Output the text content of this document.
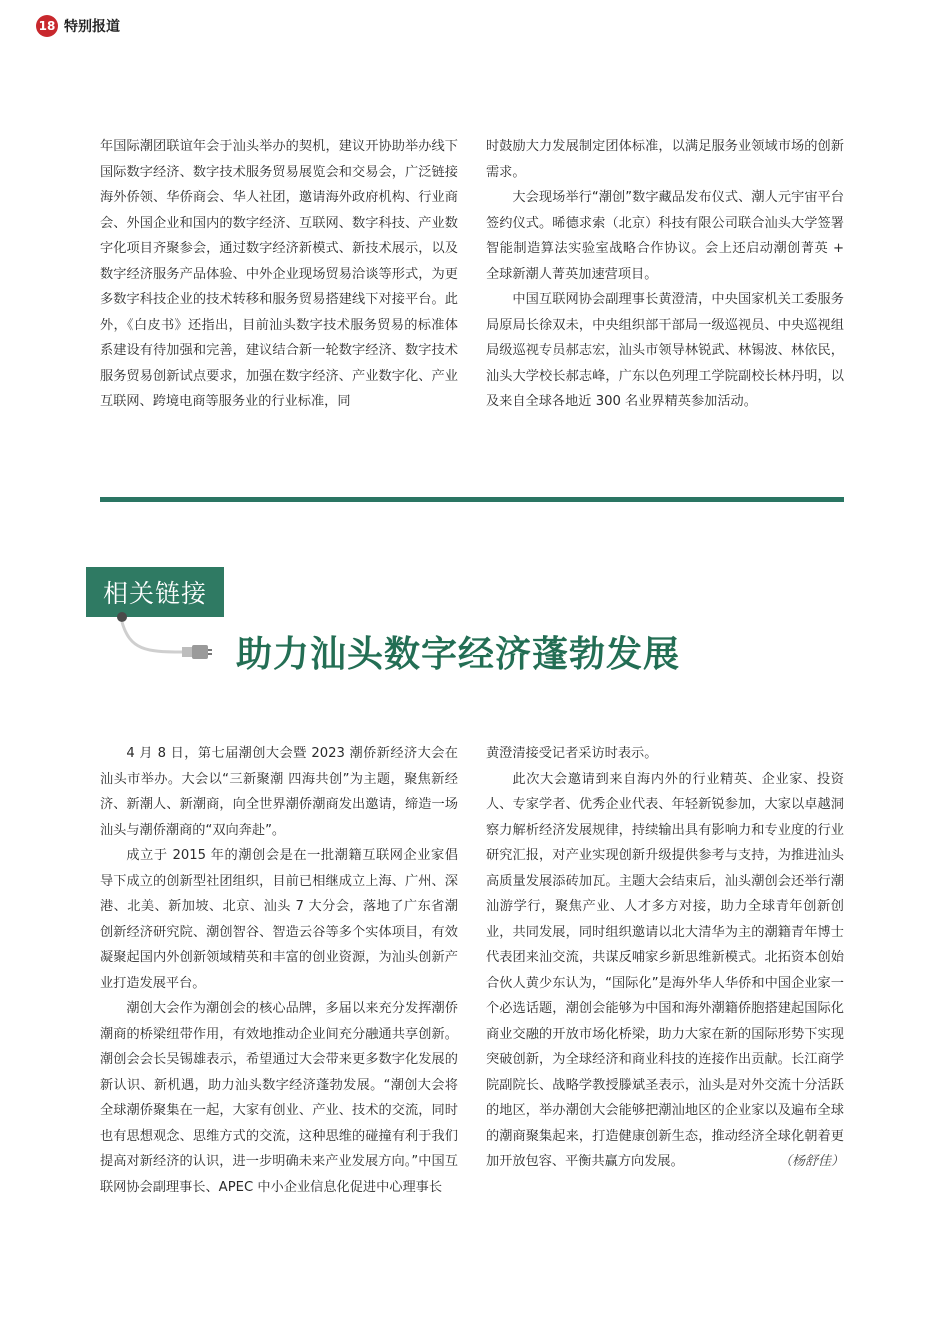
18 特别报道

年国际潮团联谊年会于汕头举办的契机，建议开协助举办线下国际数字经济、数字技术服务贸易展览会和交易会，广泛链接海外侨领、华侨商会、华人社团，邀请海外政府机构、行业商会、外国企业和国内的数字经济、互联网、数字科技、产业数字化项目齐聚参会，通过数字经济新模式、新技术展示，以及数字经济服务产品体验、中外企业现场贸易洽谈等形式，为更多数字科技企业的技术转移和服务贸易搭建线下对接平台。此外，《白皮书》还指出，目前汕头数字技术服务贸易的标准体系建设有待加强和完善，建议结合新一轮数字经济、数字技术服务贸易创新试点要求，加强在数字经济、产业数字化、产业互联网、跨境电商等服务业的行业标准，同

时鼓励大力发展制定团体标准，以满足服务业领域市场的创新需求。

大会现场举行“潮创”数字藏品发布仪式、潮人元宇宙平台签约仪式。晞德求索（北京）科技有限公司联合汕头大学签署智能制造算法实验室战略合作协议。会上还启动潮创菁英 + 全球新潮人菁英加速营项目。

中国互联网协会副理事长黄澄清，中央国家机关工委服务局原局长徐双未，中央组织部干部局一级巡视员、中央巡视组局级巡视专员郝志宏，汕头市领导林锐武、林锡波、林依民，汕头大学校长郝志峰，广东以色列理工学院副校长林丹明，以及来自全球各地近 300 名业界精英参加活动。

相关链接
助力汕头数字经济蓬勃发展

4 月 8 日，第七届潮创大会暨 2023 潮侨新经济大会在汕头市举办。大会以“三新聚潮 四海共创”为主题，聚焦新经济、新潮人、新潮商，向全世界潮侨潮商发出邀请，缔造一场汕头与潮侨潮商的“双向奔赴”。

成立于 2015 年的潮创会是在一批潮籍互联网企业家倡导下成立的创新型社团组织，目前已相继成立上海、广州、深港、北美、新加坡、北京、汕头 7 大分会，落地了广东省潮创新经济研究院、潮创智谷、智造云谷等多个实体项目，有效凝聚起国内外创新领域精英和丰富的创业资源，为汕头创新产业打造发展平台。

潮创大会作为潮创会的核心品牌，多届以来充分发挥潮侨潮商的桥梁纽带作用，有效地推动企业间充分融通共享创新。潮创会会长吴锡雄表示，希望通过大会带来更多数字化发展的新认识、新机遇，助力汕头数字经济蓬勃发展。“潮创大会将全球潮侨聚集在一起，大家有创业、产业、技术的交流，同时也有思想观念、思维方式的交流，这种思维的碰撞有利于我们提高对新经济的认识，进一步明确未来产业发展方向。”中国互联网协会副理事长、APEC 中小企业信息化促进中心理事长

黄澄清接受记者采访时表示。

此次大会邀请到来自海内外的行业精英、企业家、投资人、专家学者、优秀企业代表、年轻新锐参加，大家以卓越洞察力解析经济发展规律，持续输出具有影响力和专业度的行业研究汇报，对产业实现创新升级提供参考与支持，为推进汕头高质量发展添砖加瓦。主题大会结束后，汕头潮创会还举行潮汕游学行，聚焦产业、人才多方对接，助力全球青年创新创业，共同发展，同时组织邀请以北大清华为主的潮籍青年博士代表团来汕交流，共谋反哺家乡新思维新模式。北拓资本创始合伙人黄少东认为，“国际化”是海外华人华侨和中国企业家一个必选话题，潮创会能够为中国和海外潮籍侨胞搭建起国际化商业交融的开放市场化桥梁，助力大家在新的国际形势下实现突破创新，为全球经济和商业科技的连接作出贡献。长江商学院副院长、战略学教授滕斌圣表示，汕头是对外交流十分活跃的地区，举办潮创大会能够把潮汕地区的企业家以及遍布全球的潮商聚集起来，打造健康创新生态，推动经济全球化朝着更加开放包容、平衡共赢方向发展。	（杨舒佳）
